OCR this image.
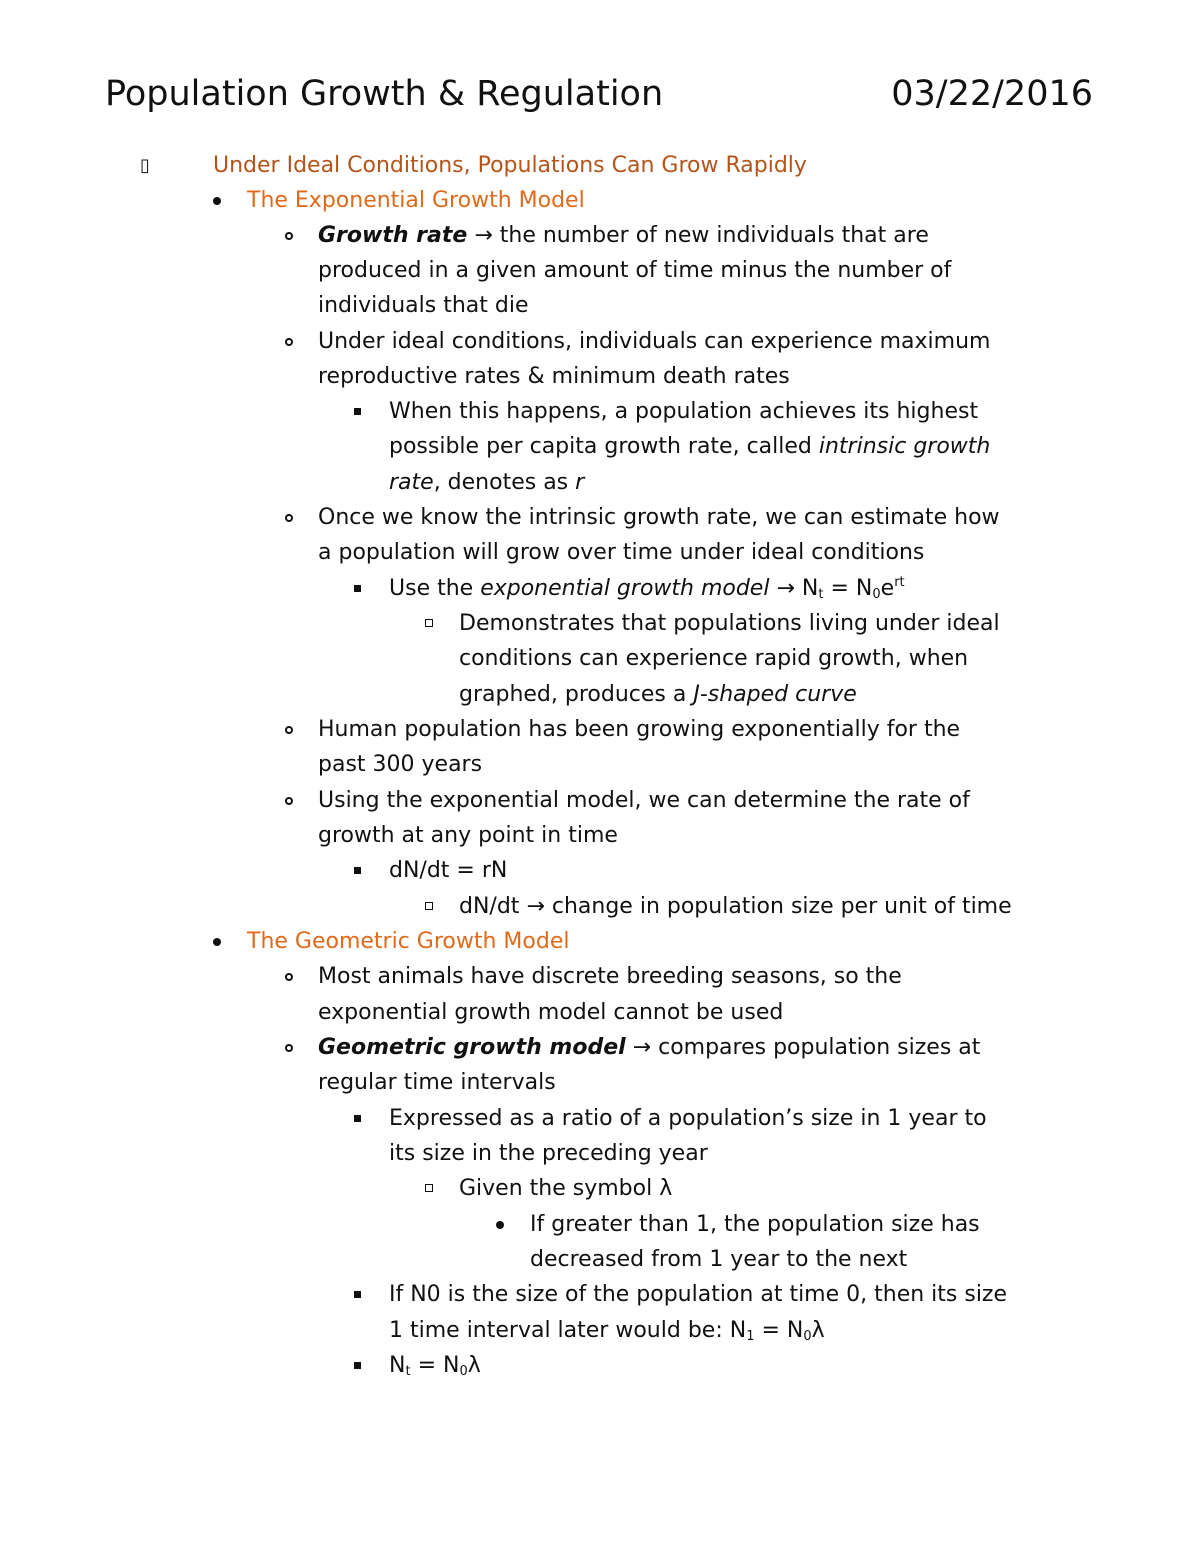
Population Growth & Regulation	03/22/2016
▯	Under Ideal Conditions, Populations Can Grow Rapidly
The Exponential Growth Model
Growth rate → the number of new individuals that are
produced in a given amount of time minus the number of
individuals that die
Under ideal conditions, individuals can experience maximum
reproductive rates & minimum death rates
When this happens, a population achieves its highest
possible per capita growth rate, called intrinsic growth
rate, denotes as r
Once we know the intrinsic growth rate, we can estimate how
a population will grow over time under ideal conditions
Use the exponential growth model → $N_t = N_0e^{rt}$
Demonstrates that populations living under ideal
conditions can experience rapid growth, when
graphed, produces a J-shaped curve
Human population has been growing exponentially for the
past 300 years
Using the exponential model, we can determine the rate of
growth at any point in time
dN/dt = rN
dN/dt → change in population size per unit of time
The Geometric Growth Model
Most animals have discrete breeding seasons, so the
exponential growth model cannot be used
Geometric growth model → compares population sizes at
regular time intervals
Expressed as a ratio of a population’s size in 1 year to
its size in the preceding year
Given the symbol λ
If greater than 1, the population size has
decreased from 1 year to the next
If N0 is the size of the population at time 0, then its size
1 time interval later would be: $N_1 = N_0\lambda$
$N_t = N_0\lambda$
